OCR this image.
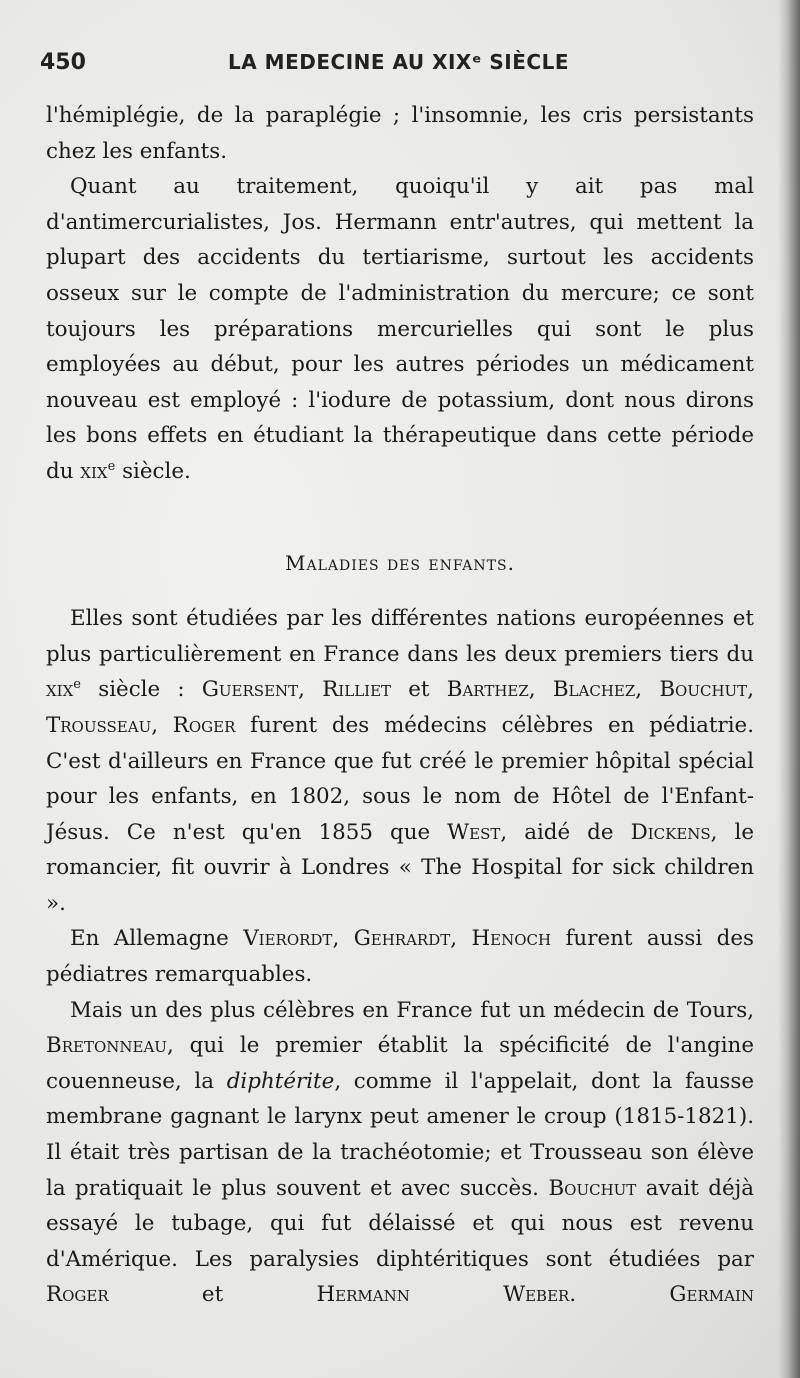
450	LA MEDECINE AU XIXᵉ SIÈCLE

l'hémiplégie, de la paraplégie ; l'insomnie, les cris persistants chez les enfants.

Quant au traitement, quoiqu'il y ait pas mal d'antimercurialistes, Jos. Hermann entr'autres, qui mettent la plupart des accidents du tertiarisme, surtout les accidents osseux sur le compte de l'administration du mercure; ce sont toujours les préparations mercurielles qui sont le plus employées au début, pour les autres périodes un médicament nouveau est employé : l'iodure de potassium, dont nous dirons les bons effets en étudiant la thérapeutique dans cette période du xix$^e$ siècle.

Maladies des enfants.

Elles sont étudiées par les différentes nations européennes et plus particulièrement en France dans les deux premiers tiers du xix$^e$ siècle : Guersent, Rilliet et Barthez, Blachez, Bouchut, Trousseau, Roger furent des médecins célèbres en pédiatrie. C'est d'ailleurs en France que fut créé le premier hôpital spécial pour les enfants, en 1802, sous le nom de Hôtel de l'Enfant-Jésus. Ce n'est qu'en 1855 que West, aidé de Dickens, le romancier, fit ouvrir à Londres « The Hospital for sick children ».

En Allemagne Vierordt, Gehrardt, Henoch furent aussi des pédiatres remarquables.

Mais un des plus célèbres en France fut un médecin de Tours, Bretonneau, qui le premier établit la spécificité de l'angine couenneuse, la diphtérite, comme il l'appelait, dont la fausse membrane gagnant le larynx peut amener le croup (1815-1821). Il était très partisan de la trachéotomie; et Trousseau son élève la pratiquait le plus souvent et avec succès. Bouchut avait déjà essayé le tubage, qui fut délaissé et qui nous est revenu d'Amérique. Les paralysies diphtéritiques sont étudiées par Roger et Hermann Weber. Germain
